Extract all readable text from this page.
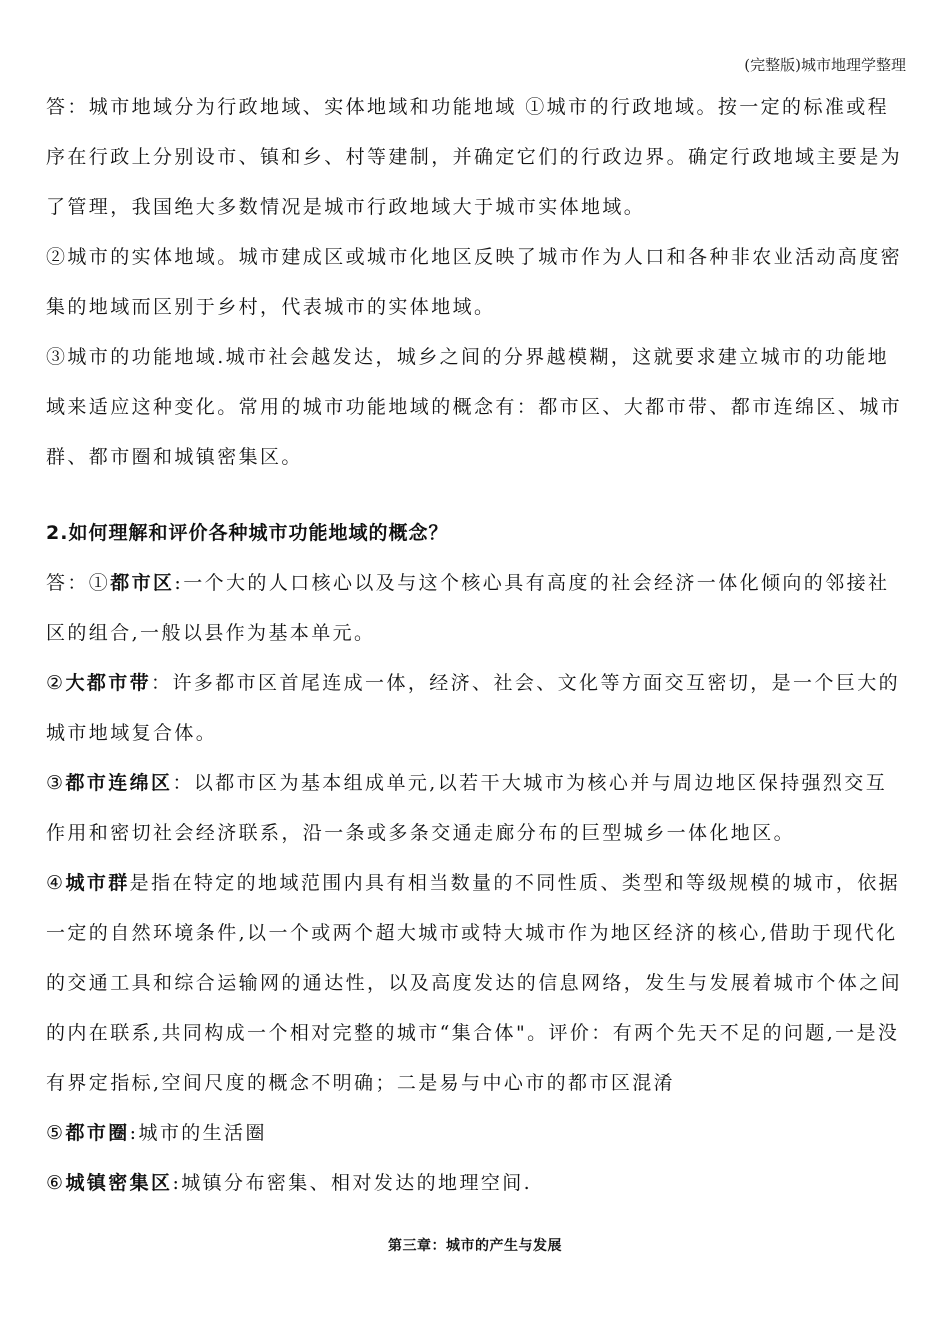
(完整版)城市地理学整理

答：城市地域分为行政地域、实体地域和功能地域 ①城市的行政地域。按一定的标准或程序在行政上分别设市、镇和乡、村等建制，并确定它们的行政边界。确定行政地域主要是为了管理，我国绝大多数情况是城市行政地域大于城市实体地域。

②城市的实体地域。城市建成区或城市化地区反映了城市作为人口和各种非农业活动高度密集的地域而区别于乡村，代表城市的实体地域。

③城市的功能地域.城市社会越发达，城乡之间的分界越模糊，这就要求建立城市的功能地域来适应这种变化。常用的城市功能地域的概念有：都市区、大都市带、都市连绵区、城市群、都市圈和城镇密集区。

2.如何理解和评价各种城市功能地域的概念？

答：①都市区:一个大的人口核心以及与这个核心具有高度的社会经济一体化倾向的邻接社区的组合,一般以县作为基本单元。

②大都市带：许多都市区首尾连成一体，经济、社会、文化等方面交互密切，是一个巨大的城市地域复合体。

③都市连绵区：以都市区为基本组成单元,以若干大城市为核心并与周边地区保持强烈交互作用和密切社会经济联系，沿一条或多条交通走廊分布的巨型城乡一体化地区。

④城市群是指在特定的地域范围内具有相当数量的不同性质、类型和等级规模的城市，依据一定的自然环境条件,以一个或两个超大城市或特大城市作为地区经济的核心,借助于现代化的交通工具和综合运输网的通达性，以及高度发达的信息网络，发生与发展着城市个体之间的内在联系,共同构成一个相对完整的城市“集合体"。评价：有两个先天不足的问题,一是没有界定指标,空间尺度的概念不明确；二是易与中心市的都市区混淆

⑤都市圈:城市的生活圈

⑥城镇密集区:城镇分布密集、相对发达的地理空间.

第三章：城市的产生与发展
